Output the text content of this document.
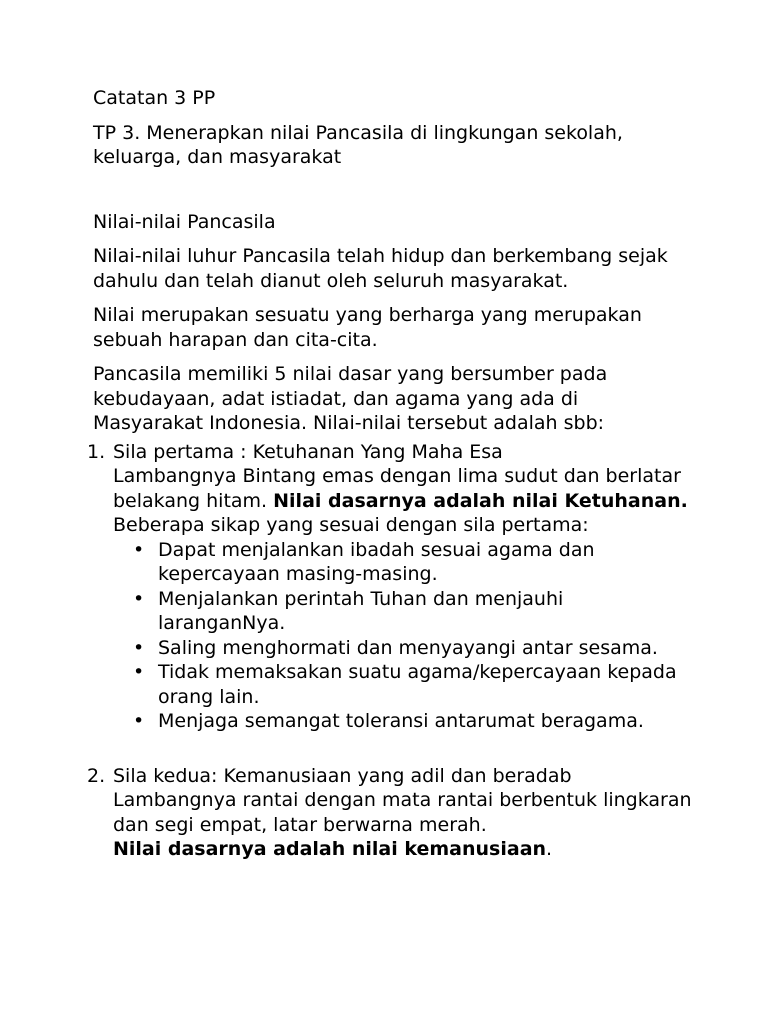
Catatan 3 PP

TP 3. Menerapkan nilai Pancasila di lingkungan sekolah, keluarga, dan masyarakat

Nilai-nilai Pancasila

Nilai-nilai luhur Pancasila telah hidup dan berkembang sejak dahulu dan telah dianut oleh seluruh masyarakat.

Nilai merupakan sesuatu yang berharga yang merupakan sebuah harapan dan cita-cita.

Pancasila memiliki 5 nilai dasar yang bersumber pada kebudayaan, adat istiadat, dan agama yang ada di Masyarakat Indonesia. Nilai-nilai tersebut adalah sbb:

1. Sila pertama : Ketuhanan Yang Maha Esa
Lambangnya Bintang emas dengan lima sudut dan berlatar belakang hitam. Nilai dasarnya adalah nilai Ketuhanan.
Beberapa sikap yang sesuai dengan sila pertama:
• Dapat menjalankan ibadah sesuai agama dan kepercayaan masing-masing.
• Menjalankan perintah Tuhan dan menjauhi laranganNya.
• Saling menghormati dan menyayangi antar sesama.
• Tidak memaksakan suatu agama/kepercayaan kepada orang lain.
• Menjaga semangat toleransi antarumat beragama.
2. Sila kedua: Kemanusiaan yang adil dan beradab
Lambangnya rantai dengan mata rantai berbentuk lingkaran dan segi empat, latar berwarna merah.
Nilai dasarnya adalah nilai kemanusiaan.
